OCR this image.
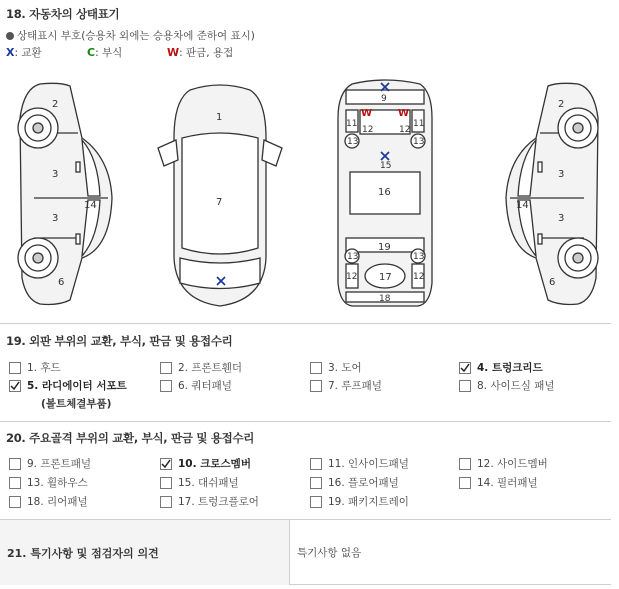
18. 자동차의 상태표기
상태표시 부호(승용차 외에는 승용차에 준하여 표시)
X: 교환	C: 부식	W: 판금, 용접
2
3
3
14
6
1
7
9
11
12	12
11
13	13
15
16
19
13	13
12 17 12
18
W	W
2
3
14
3
6
19. 외판 부위의 교환, 부식, 판금 및 용접수리
1. 후드	2. 프론트휀더	3. 도어	4. 트렁크리드
5. 라디에이터 서포트	6. 쿼터패널	7. 루프패널	8. 사이드실 패널
(볼트체결부품)
20. 주요골격 부위의 교환, 부식, 판금 및 용접수리
9. 프론트패널	10. 크로스멤버	11. 인사이드패널	12. 사이드멤버
13. 휠하우스	15. 대쉬패널	16. 플로어패널	14. 필러패널
18. 리어패널	17. 트렁크플로어	19. 패키지트레이
21. 특기사항 및 점검자의 의견	특기사항 없음
